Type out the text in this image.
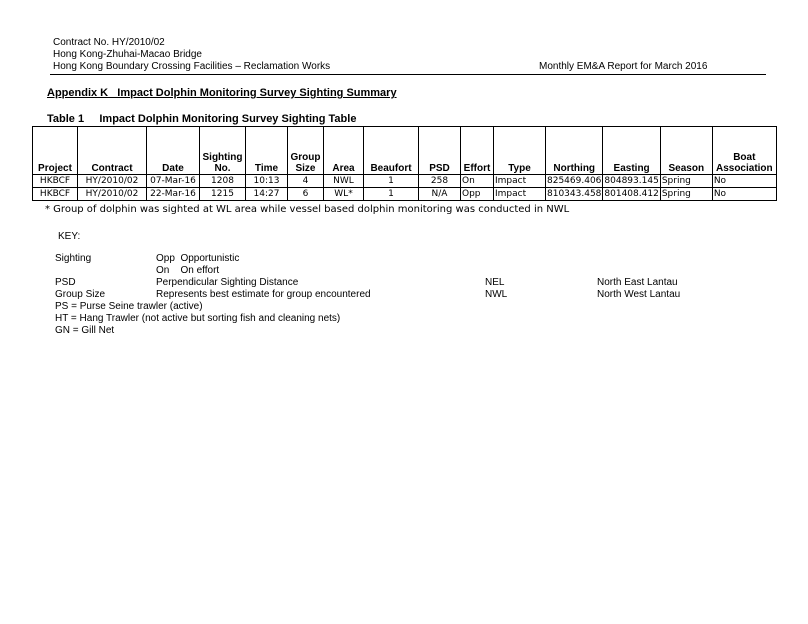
Contract No. HY/2010/02
Hong Kong-Zhuhai-Macao Bridge
Hong Kong Boundary Crossing Facilities – Reclamation Works	Monthly EM&A Report for March 2016
Appendix K   Impact Dolphin Monitoring Survey Sighting Summary
Table 1     Impact Dolphin Monitoring Survey Sighting Table
Project	Contract	Date	Sighting No.	Time	Group Size	Area	Beaufort	PSD	Effort	Type	Northing	Easting	Season	Boat Association
HKBCF	HY/2010/02	07-Mar-16	1208	10:13	4	NWL	1	258	On	Impact	825469.406	804893.145	Spring	No
HKBCF	HY/2010/02	22-Mar-16	1215	14:27	6	WL*	1	N/A	Opp	Impact	810343.458	801408.412	Spring	No
* Group of dolphin was sighted at WL area while vessel based dolphin monitoring was conducted in NWL
KEY:
Sighting	Opp  Opportunistic
On    On effort
PSD	Perpendicular Sighting Distance	NEL	North East Lantau
Group Size	Represents best estimate for group encountered	NWL	North West Lantau
PS = Purse Seine trawler (active)
HT = Hang Trawler (not active but sorting fish and cleaning nets)
GN = Gill Net
